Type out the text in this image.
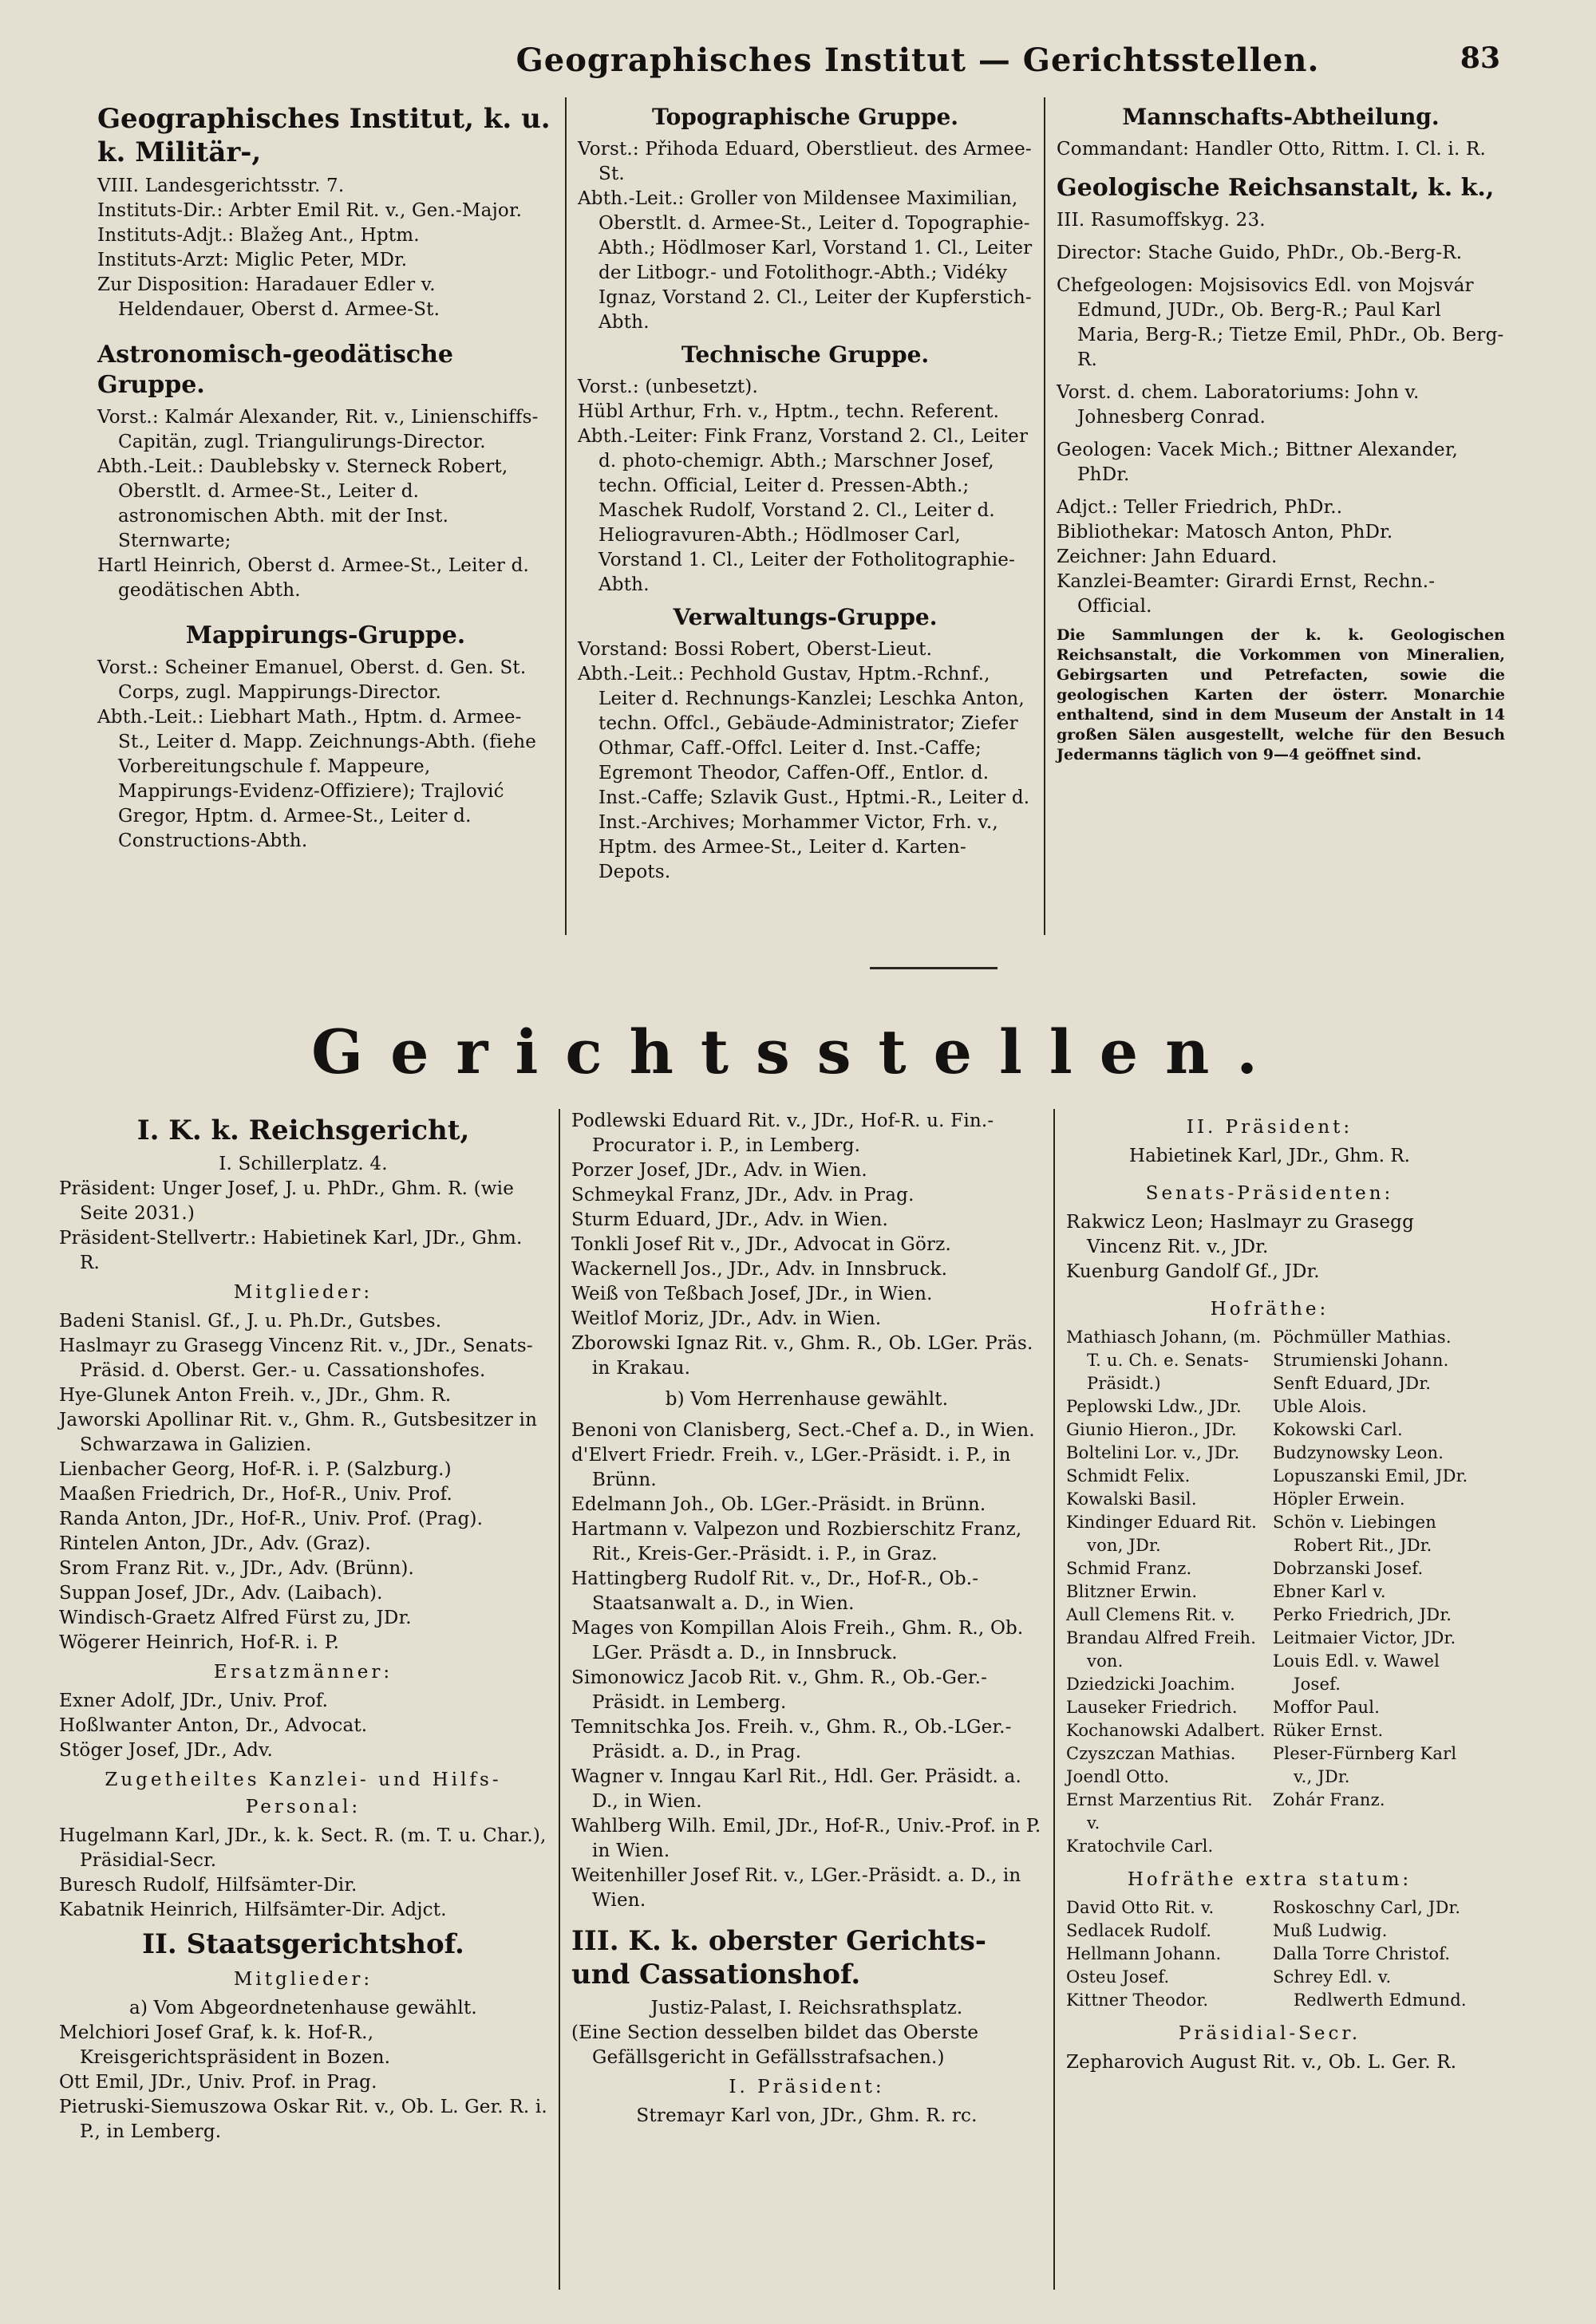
Geographisches Institut — Gerichtsstellen.	83
Geographisches Institut, k. u. k. Militär-,

VIII. Landesgerichtsstr. 7.

Instituts-Dir.: Arbter Emil Rit. v., Gen.-Major.

Instituts-Adjt.: Blažeg Ant., Hptm.

Instituts-Arzt: Miglic Peter, MDr.

Zur Disposition: Haradauer Edler v. Heldendauer, Oberst d. Armee-St.

Astronomisch-geodätische Gruppe.

Vorst.: Kalmár Alexander, Rit. v., Linienschiffs-Capitän, zugl. Triangulirungs-Director.

Abth.-Leit.: Daublebsky v. Sterneck Robert, Oberstlt. d. Armee-St., Leiter d. astronomischen Abth. mit der Inst. Sternwarte;

Hartl Heinrich, Oberst d. Armee-St., Leiter d. geodätischen Abth.

Mappirungs-Gruppe.

Vorst.: Scheiner Emanuel, Oberst. d. Gen. St. Corps, zugl. Mappirungs-Director.

Abth.-Leit.: Liebhart Math., Hptm. d. Armee-St., Leiter d. Mapp. Zeichnungs-Abth. (fiehe Vorbereitungschule f. Mappeure, Mappirungs-Evidenz-Offiziere); Trajlović Gregor, Hptm. d. Armee-St., Leiter d. Constructions-Abth.

Topographische Gruppe.

Vorst.: Přihoda Eduard, Oberstlieut. des Armee-St.

Abth.-Leit.: Groller von Mildensee Maximilian, Oberstlt. d. Armee-St., Leiter d. Topographie-Abth.; Hödlmoser Karl, Vorstand 1. Cl., Leiter der Litbogr.- und Fotolithogr.-Abth.; Vidéky Ignaz, Vorstand 2. Cl., Leiter der Kupferstich-Abth.

Technische Gruppe.

Vorst.: (unbesetzt).

Hübl Arthur, Frh. v., Hptm., techn. Referent.

Abth.-Leiter: Fink Franz, Vorstand 2. Cl., Leiter d. photo-chemigr. Abth.; Marschner Josef, techn. Official, Leiter d. Pressen-Abth.; Maschek Rudolf, Vorstand 2. Cl., Leiter d. Heliogravuren-Abth.; Hödlmoser Carl, Vorstand 1. Cl., Leiter der Fotholitographie-Abth.

Verwaltungs-Gruppe.

Vorstand: Bossi Robert, Oberst-Lieut.

Abth.-Leit.: Pechhold Gustav, Hptm.-Rchnf., Leiter d. Rechnungs-Kanzlei; Leschka Anton, techn. Offcl., Gebäude-Administrator; Ziefer Othmar, Caff.-Offcl. Leiter d. Inst.-Caffe; Egremont Theodor, Caffen-Off., Entlor. d. Inst.-Caffe; Szlavik Gust., Hptmi.-R., Leiter d. Inst.-Archives; Morhammer Victor, Frh. v., Hptm. des Armee-St., Leiter d. Karten-Depots.

Mannschafts-Abtheilung.

Commandant: Handler Otto, Rittm. I. Cl. i. R.

Geologische Reichsanstalt, k. k.,

III. Rasumoffskyg. 23.

Director: Stache Guido, PhDr., Ob.-Berg-R.

Chefgeologen: Mojsisovics Edl. von Mojsvár Edmund, JUDr., Ob. Berg-R.; Paul Karl Maria, Berg-R.; Tietze Emil, PhDr., Ob. Berg-R.

Vorst. d. chem. Laboratoriums: John v. Johnesberg Conrad.

Geologen: Vacek Mich.; Bittner Alexander, PhDr.

Adjct.: Teller Friedrich, PhDr..

Bibliothekar: Matosch Anton, PhDr.

Zeichner: Jahn Eduard.

Kanzlei-Beamter: Girardi Ernst, Rechn.-Official.

Die Sammlungen der k. k. Geologischen Reichsanstalt, die Vorkommen von Mineralien, Gebirgsarten und Petrefacten, sowie die geologischen Karten der österr. Monarchie enthaltend, sind in dem Museum der Anstalt in 14 großen Sälen ausgestellt, welche für den Besuch Jedermanns täglich von 9—4 geöffnet sind.

Gerichtsstellen.
I. K. k. Reichsgericht,

I. Schillerplatz. 4.

Präsident: Unger Josef, J. u. PhDr., Ghm. R. (wie Seite 2031.)

Präsident-Stellvertr.: Habietinek Karl, JDr., Ghm. R.

Mitglieder:

Badeni Stanisl. Gf., J. u. Ph.Dr., Gutsbes.

Haslmayr zu Grasegg Vincenz Rit. v., JDr., Senats-Präsid. d. Oberst. Ger.- u. Cassationshofes.

Hye-Glunek Anton Freih. v., JDr., Ghm. R.

Jaworski Apollinar Rit. v., Ghm. R., Gutsbesitzer in Schwarzawa in Galizien.

Lienbacher Georg, Hof-R. i. P. (Salzburg.)

Maaßen Friedrich, Dr., Hof-R., Univ. Prof.

Randa Anton, JDr., Hof-R., Univ. Prof. (Prag).

Rintelen Anton, JDr., Adv. (Graz).

Srom Franz Rit. v., JDr., Adv. (Brünn).

Suppan Josef, JDr., Adv. (Laibach).

Windisch-Graetz Alfred Fürst zu, JDr.

Wögerer Heinrich, Hof-R. i. P.

Ersatzmänner:

Exner Adolf, JDr., Univ. Prof.

Hoßlwanter Anton, Dr., Advocat.

Stöger Josef, JDr., Adv.

Zugetheiltes Kanzlei- und Hilfs-Personal:

Hugelmann Karl, JDr., k. k. Sect. R. (m. T. u. Char.), Präsidial-Secr.

Buresch Rudolf, Hilfsämter-Dir.

Kabatnik Heinrich, Hilfsämter-Dir. Adjct.

II. Staatsgerichtshof.
Mitglieder:

a) Vom Abgeordnetenhause gewählt.

Melchiori Josef Graf, k. k. Hof-R., Kreisgerichtspräsident in Bozen.

Ott Emil, JDr., Univ. Prof. in Prag.

Pietruski-Siemuszowa Oskar Rit. v., Ob. L. Ger. R. i. P., in Lemberg.

Podlewski Eduard Rit. v., JDr., Hof-R. u. Fin.-Procurator i. P., in Lemberg.

Porzer Josef, JDr., Adv. in Wien.

Schmeykal Franz, JDr., Adv. in Prag.

Sturm Eduard, JDr., Adv. in Wien.

Tonkli Josef Rit v., JDr., Advocat in Görz.

Wackernell Jos., JDr., Adv. in Innsbruck.

Weiß von Teßbach Josef, JDr., in Wien.

Weitlof Moriz, JDr., Adv. in Wien.

Zborowski Ignaz Rit. v., Ghm. R., Ob. LGer. Präs. in Krakau.

b) Vom Herrenhause gewählt.

Benoni von Clanisberg, Sect.-Chef a. D., in Wien.

d'Elvert Friedr. Freih. v., LGer.-Präsidt. i. P., in Brünn.

Edelmann Joh., Ob. LGer.-Präsidt. in Brünn.

Hartmann v. Valpezon und Rozbierschitz Franz, Rit., Kreis-Ger.-Präsidt. i. P., in Graz.

Hattingberg Rudolf Rit. v., Dr., Hof-R., Ob.-Staatsanwalt a. D., in Wien.

Mages von Kompillan Alois Freih., Ghm. R., Ob. LGer. Präsdt a. D., in Innsbruck.

Simonowicz Jacob Rit. v., Ghm. R., Ob.-Ger.-Präsidt. in Lemberg.

Temnitschka Jos. Freih. v., Ghm. R., Ob.-LGer.-Präsidt. a. D., in Prag.

Wagner v. Inngau Karl Rit., Hdl. Ger. Präsidt. a. D., in Wien.

Wahlberg Wilh. Emil, JDr., Hof-R., Univ.-Prof. in P. in Wien.

Weitenhiller Josef Rit. v., LGer.-Präsidt. a. D., in Wien.

III. K. k. oberster Gerichts- und Cassationshof.

Justiz-Palast, I. Reichsrathsplatz.

(Eine Section desselben bildet das Oberste Gefällsgericht in Gefällsstrafsachen.)

I. Präsident:

Stremayr Karl von, JDr., Ghm. R. rc.

II. Präsident:
Habietinek Karl, JDr., Ghm. R.
Senats-Präsidenten:

Rakwicz Leon; Haslmayr zu Grasegg Vincenz Rit. v., JDr.

Kuenburg Gandolf Gf., JDr.

Hofräthe:

Mathiasch Johann, (m. T. u. Ch. e. Senats-Präsidt.)

Peplowski Ldw., JDr.

Giunio Hieron., JDr.

Boltelini Lor. v., JDr.

Schmidt Felix.

Kowalski Basil.

Kindinger Eduard Rit. von, JDr.

Schmid Franz.

Blitzner Erwin.

Aull Clemens Rit. v.

Brandau Alfred Freih. von.

Dziedzicki Joachim.

Lauseker Friedrich.

Kochanowski Adalbert.

Czyszczan Mathias.

Joendl Otto.

Ernst Marzentius Rit. v.

Kratochvile Carl.

Pöchmüller Mathias.

Strumienski Johann.

Senft Eduard, JDr.

Uble Alois.

Kokowski Carl.

Budzynowsky Leon.

Lopuszanski Emil, JDr.

Höpler Erwein.

Schön v. Liebingen Robert Rit., JDr.

Dobrzanski Josef.

Ebner Karl v.

Perko Friedrich, JDr.

Leitmaier Victor, JDr.

Louis Edl. v. Wawel Josef.

Moffor Paul.

Rüker Ernst.

Pleser-Fürnberg Karl v., JDr.

Zohár Franz.

Hofräthe extra statum:

David Otto Rit. v.

Sedlacek Rudolf.

Hellmann Johann.

Osteu Josef.

Kittner Theodor.

Roskoschny Carl, JDr.

Muß Ludwig.

Dalla Torre Christof.

Schrey Edl. v. Redlwerth Edmund.

Präsidial-Secr.

Zepharovich August Rit. v., Ob. L. Ger. R.
